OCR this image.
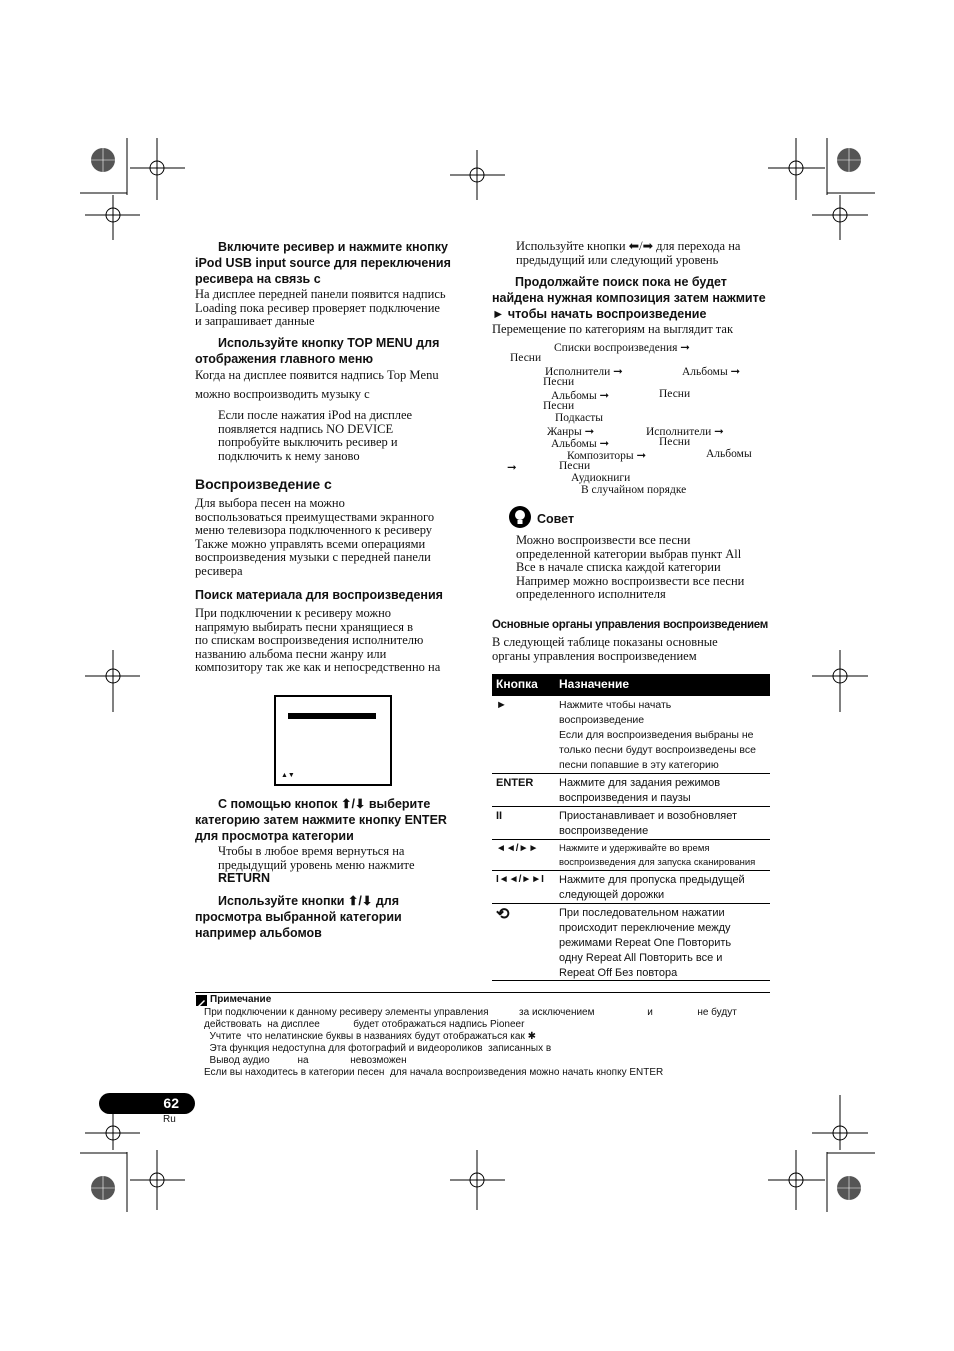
Включите ресивер и нажмите кнопку
iPod USB input source для переключения
ресивера на связь с
На дисплее передней панели появится надпись
Loading пока ресивер проверяет подключение
и запрашивает данные
Используйте кнопку TOP MENU для
отображения главного меню
Когда на дисплее появится надпись Top Menu
можно воспроизводить музыку с
Если после нажатия iPod на дисплее
появляется надпись NO DEVICE
попробуйте выключить ресивер и
подключить к нему заново
Воспроизведение с
Для выбора песен на можно
воспользоваться преимуществами экранного
меню телевизора подключенного к ресиверу
Также можно управлять всеми операциями
воспроизведения музыки с передней панели
ресивера
Поиск материала для воспроизведения
При подключении к ресиверу можно
напрямую выбирать песни хранящиеся в
по спискам воспроизведения исполнителю
названию альбома песни жанру или
композитору так же как и непосредственно на
▲▼
С помощью кнопок ⬆/⬇ выберите
категорию затем нажмите кнопку ENTER
для просмотра категории
Чтобы в любое время вернуться на
предыдущий уровень меню нажмите
RETURN
Используйте кнопки ⬆/⬇ для
просмотра выбранной категории
например альбомов
Используйте кнопки ⬅/➡ для перехода на
предыдущий или следующий уровень
Продолжайте поиск пока не будет
найдена нужная композиция затем нажмите
► чтобы начать воспроизведение
Перемещение по категориям на выглядит так
Списки воспроизведения ➞
Песни
Исполнители ➞	Альбомы ➞
Песни
Альбомы ➞	Песни
Песни
Подкасты
Жанры ➞	Исполнители ➞
Альбомы ➞	Песни
Композиторы ➞	Альбомы
➞	Песни
Аудиокниги
В случайном порядке
Совет
Можно воспроизвести все песни
определенной категории выбрав пункт All
Все в начале списка каждой категории
Например можно воспроизвести все песни
определенного исполнителя
Основные органы управления воспроизведением
В следующей таблице показаны основные
органы управления воспроизведением
Кнопка Назначение
►	Нажмите чтобы начать
воспроизведение
Если для воспроизведения выбраны не
только песни будут воспроизведены все
песни попавшие в эту категорию
ENTER Нажмите для задания режимов
воспроизведения и паузы
II	Приостанавливает и возобновляет
воспроизведение
◄◄/►► Нажмите и удерживайте во время
воспроизведения для запуска сканирования
I◄◄/►►I Нажмите для пропуска предыдущей
следующей дорожки
⟲	При последовательном нажатии
происходит переключение между
режимами Repeat One Повторить
одну Repeat All Повторить все и
Repeat Off Без повтора
Примечание
При подключении к данному ресиверу элементы управления           за исключением                   и                не будут
действовать  на дисплее            будет отображаться надпись Pioneer
Учтите  что нелатинские буквы в названиях будут отображаться как ✱
Эта функция недоступна для фотографий и видеороликов  записанных в
Вывод аудио          на               невозможен
Если вы находитесь в категории песен  для начала воспроизведения можно начать кнопку ENTER
62
Ru
